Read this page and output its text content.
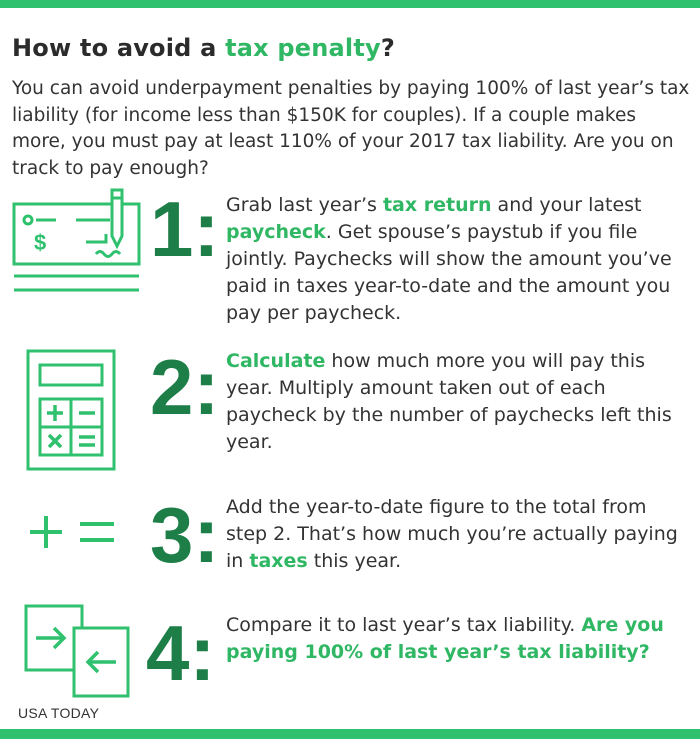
How to avoid a tax penalty?

You can avoid underpayment penalties by paying 100% of last year’s tax liability (for income less than $150K for couples). If a couple makes more, you must pay at least 110% of your 2017 tax liability. Are you on track to pay enough?

$ 1: Grab last year’s tax return and your latest paycheck. Get spouse’s paystub if you file jointly. Paychecks will show the amount you’ve paid in taxes year-to-date and the amount you pay per paycheck.

2: Calculate how much more you will pay this year. Multiply amount taken out of each paycheck by the number of paychecks left this year.

3: Add the year-to-date figure to the total from step 2. That’s how much you’re actually paying in taxes this year.

4: Compare it to last year’s tax liability. Are you paying 100% of last year’s tax liability?

USA TODAY
